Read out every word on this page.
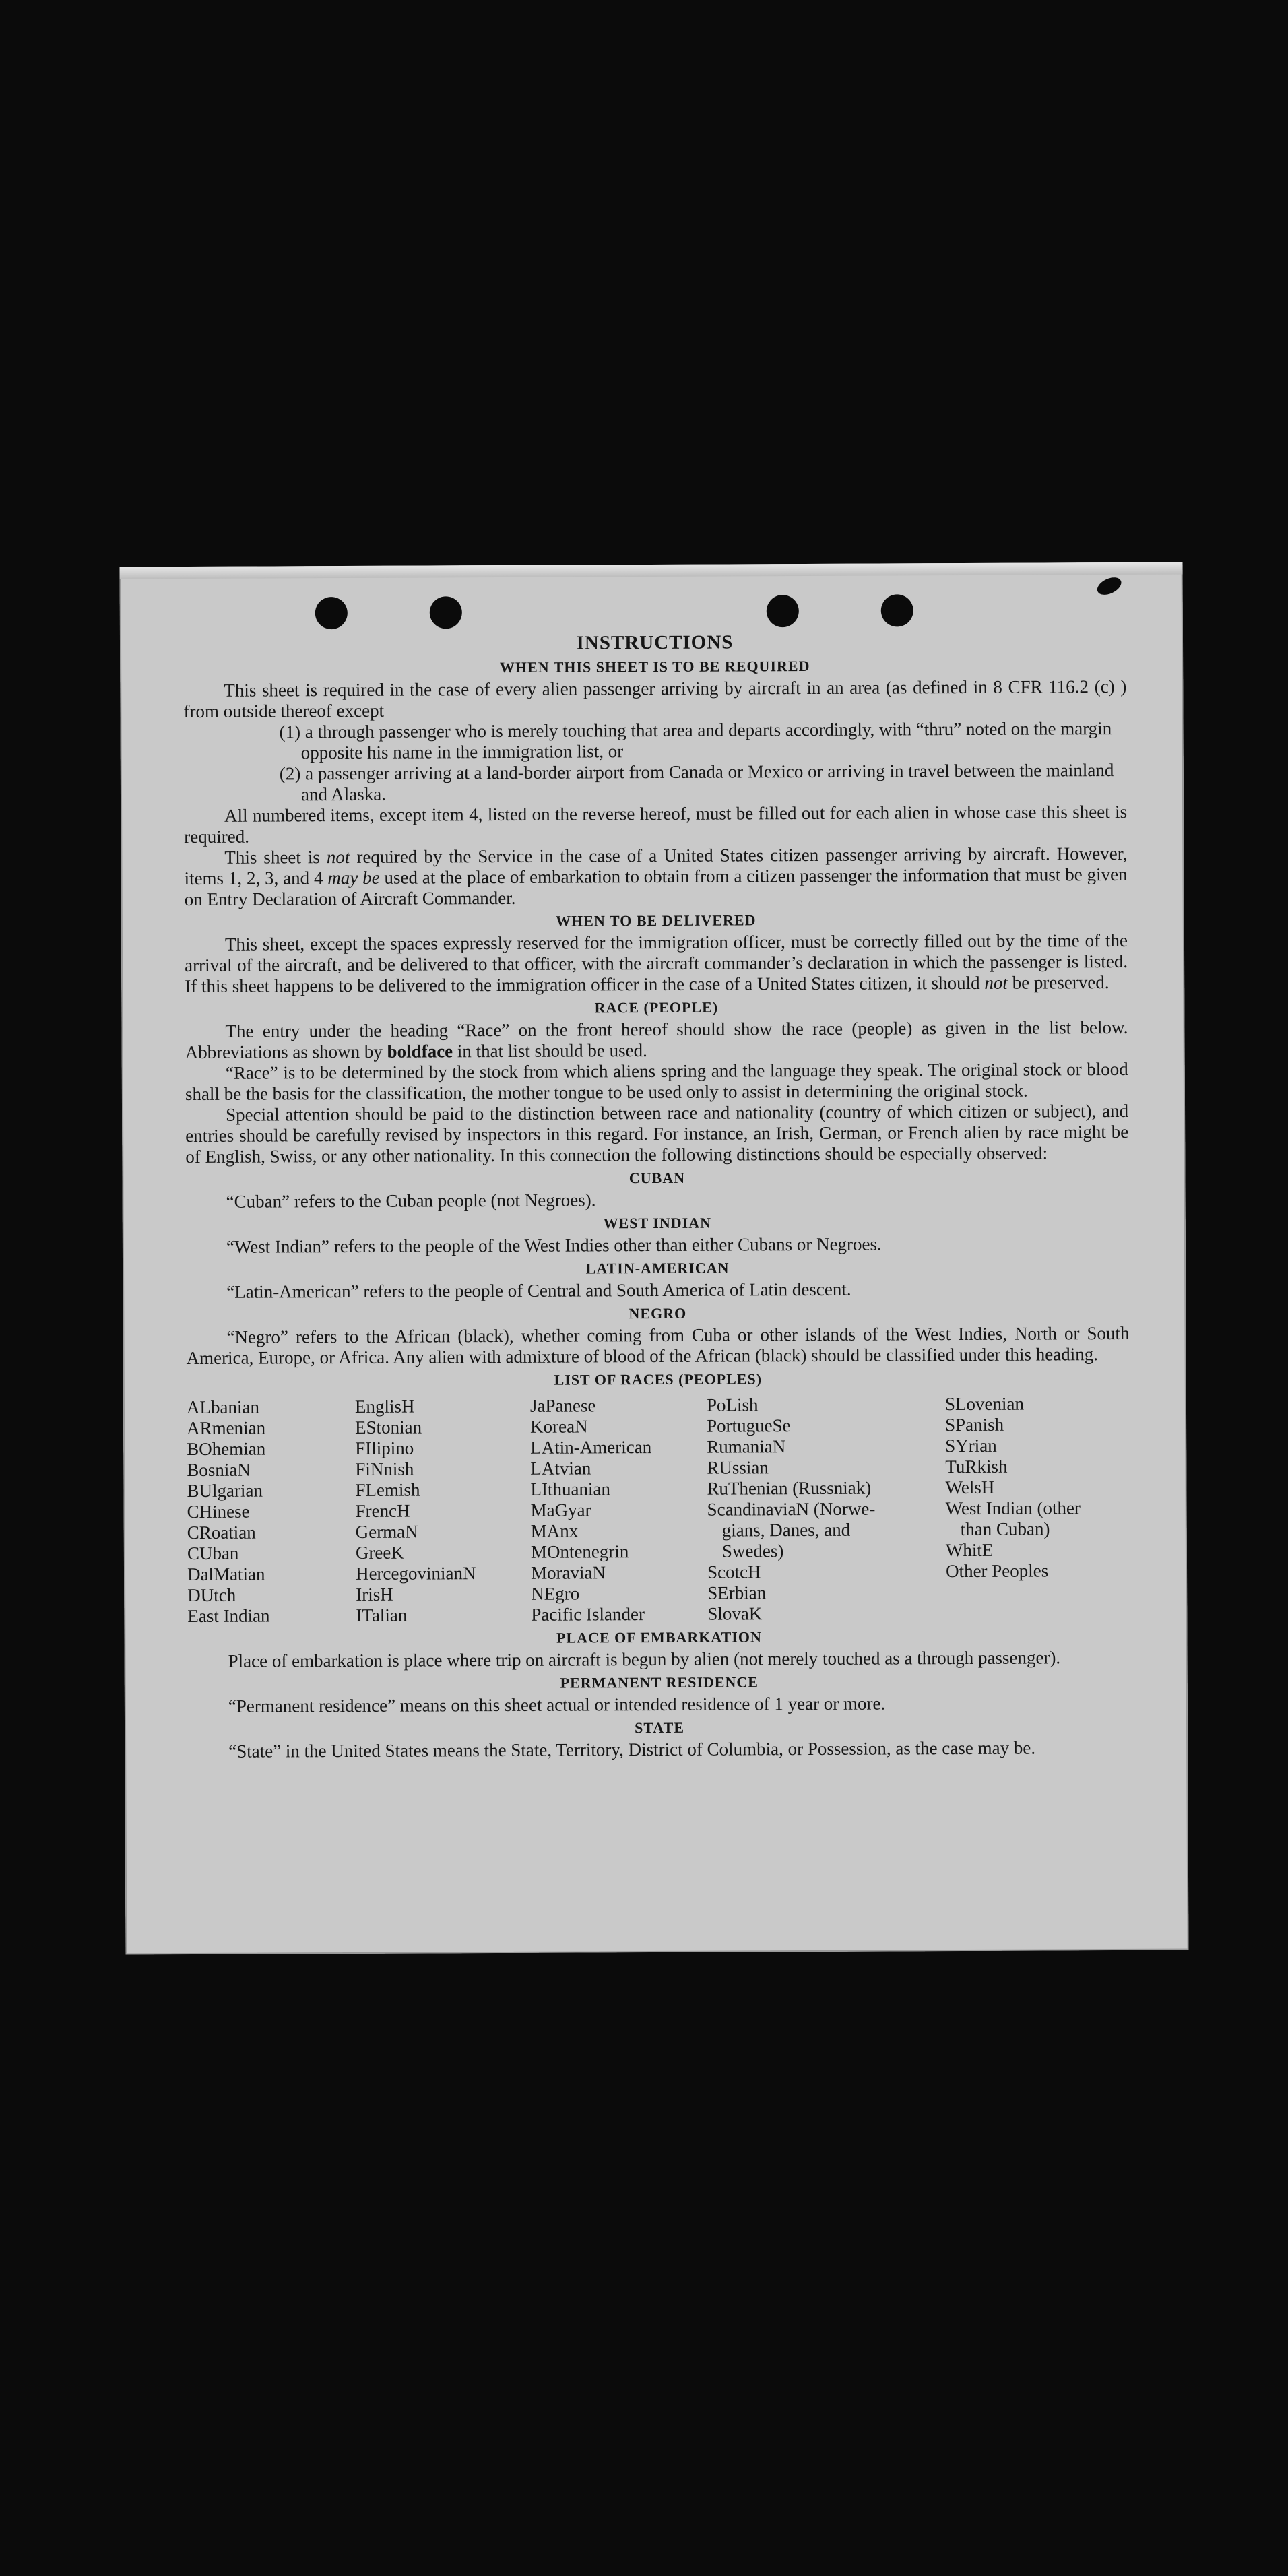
INSTRUCTIONS
WHEN THIS SHEET IS TO BE REQUIRED

This sheet is required in the case of every alien passenger arriving by aircraft in an area (as defined in 8 CFR 116.2 (c) ) from outside thereof except

(1) a through passenger who is merely touching that area and departs accordingly, with “thru” noted on the margin opposite his name in the immigration list, or
(2) a passenger arriving at a land-border airport from Canada or Mexico or arriving in travel between the mainland and Alaska.

All numbered items, except item 4, listed on the reverse hereof, must be filled out for each alien in whose case this sheet is required.

This sheet is not required by the Service in the case of a United States citizen passenger arriving by aircraft. However, items 1, 2, 3, and 4 may be used at the place of embarkation to obtain from a citizen passenger the information that must be given on Entry Declaration of Aircraft Commander.

WHEN TO BE DELIVERED

This sheet, except the spaces expressly reserved for the immigration officer, must be correctly filled out by the time of the arrival of the aircraft, and be delivered to that officer, with the aircraft commander’s declaration in which the passenger is listed. If this sheet happens to be delivered to the immigration officer in the case of a United States citizen, it should not be preserved.

RACE (PEOPLE)

The entry under the heading “Race” on the front hereof should show the race (people) as given in the list below. Abbreviations as shown by boldface in that list should be used.

“Race” is to be determined by the stock from which aliens spring and the language they speak. The original stock or blood shall be the basis for the classification, the mother tongue to be used only to assist in determining the original stock.

Special attention should be paid to the distinction between race and nationality (country of which citizen or subject), and entries should be carefully revised by inspectors in this regard. For instance, an Irish, German, or French alien by race might be of English, Swiss, or any other nationality. In this connection the following distinctions should be especially observed:

CUBAN

“Cuban” refers to the Cuban people (not Negroes).

WEST INDIAN

“West Indian” refers to the people of the West Indies other than either Cubans or Negroes.

LATIN-AMERICAN

“Latin-American” refers to the people of Central and South America of Latin descent.

NEGRO

“Negro” refers to the African (black), whether coming from Cuba or other islands of the West Indies, North or South America, Europe, or Africa. Any alien with admixture of blood of the African (black) should be classified under this heading.

LIST OF RACES (PEOPLES)
ALbanian
ARmenian
BOhemian
BosniaN
BUlgarian
CHinese
CRoatian
CUban
DalMatian
DUtch
East Indian
EnglisH
EStonian
FIlipino
FiNnish
FLemish
FrencH
GermaN
GreeK
HercegovinianN
IrisH
ITalian
JaPanese
KoreaN
LAtin-American
LAtvian
LIthuanian
MaGyar
MAnx
MOntenegrin
MoraviaN
NEgro
Pacific Islander
PoLish
PortugueSe
RumaniaN
RUssian
RuThenian (Russniak)
ScandinaviaN (Norwe-
gians, Danes, and
Swedes)
ScotcH
SErbian
SlovaK
SLovenian
SPanish
SYrian
TuRkish
WelsH
West Indian (other
than Cuban)
WhitE
Other Peoples
PLACE OF EMBARKATION

Place of embarkation is place where trip on aircraft is begun by alien (not merely touched as a through passenger).

PERMANENT RESIDENCE

“Permanent residence” means on this sheet actual or intended residence of 1 year or more.

STATE

“State” in the United States means the State, Territory, District of Columbia, or Possession, as the case may be.
